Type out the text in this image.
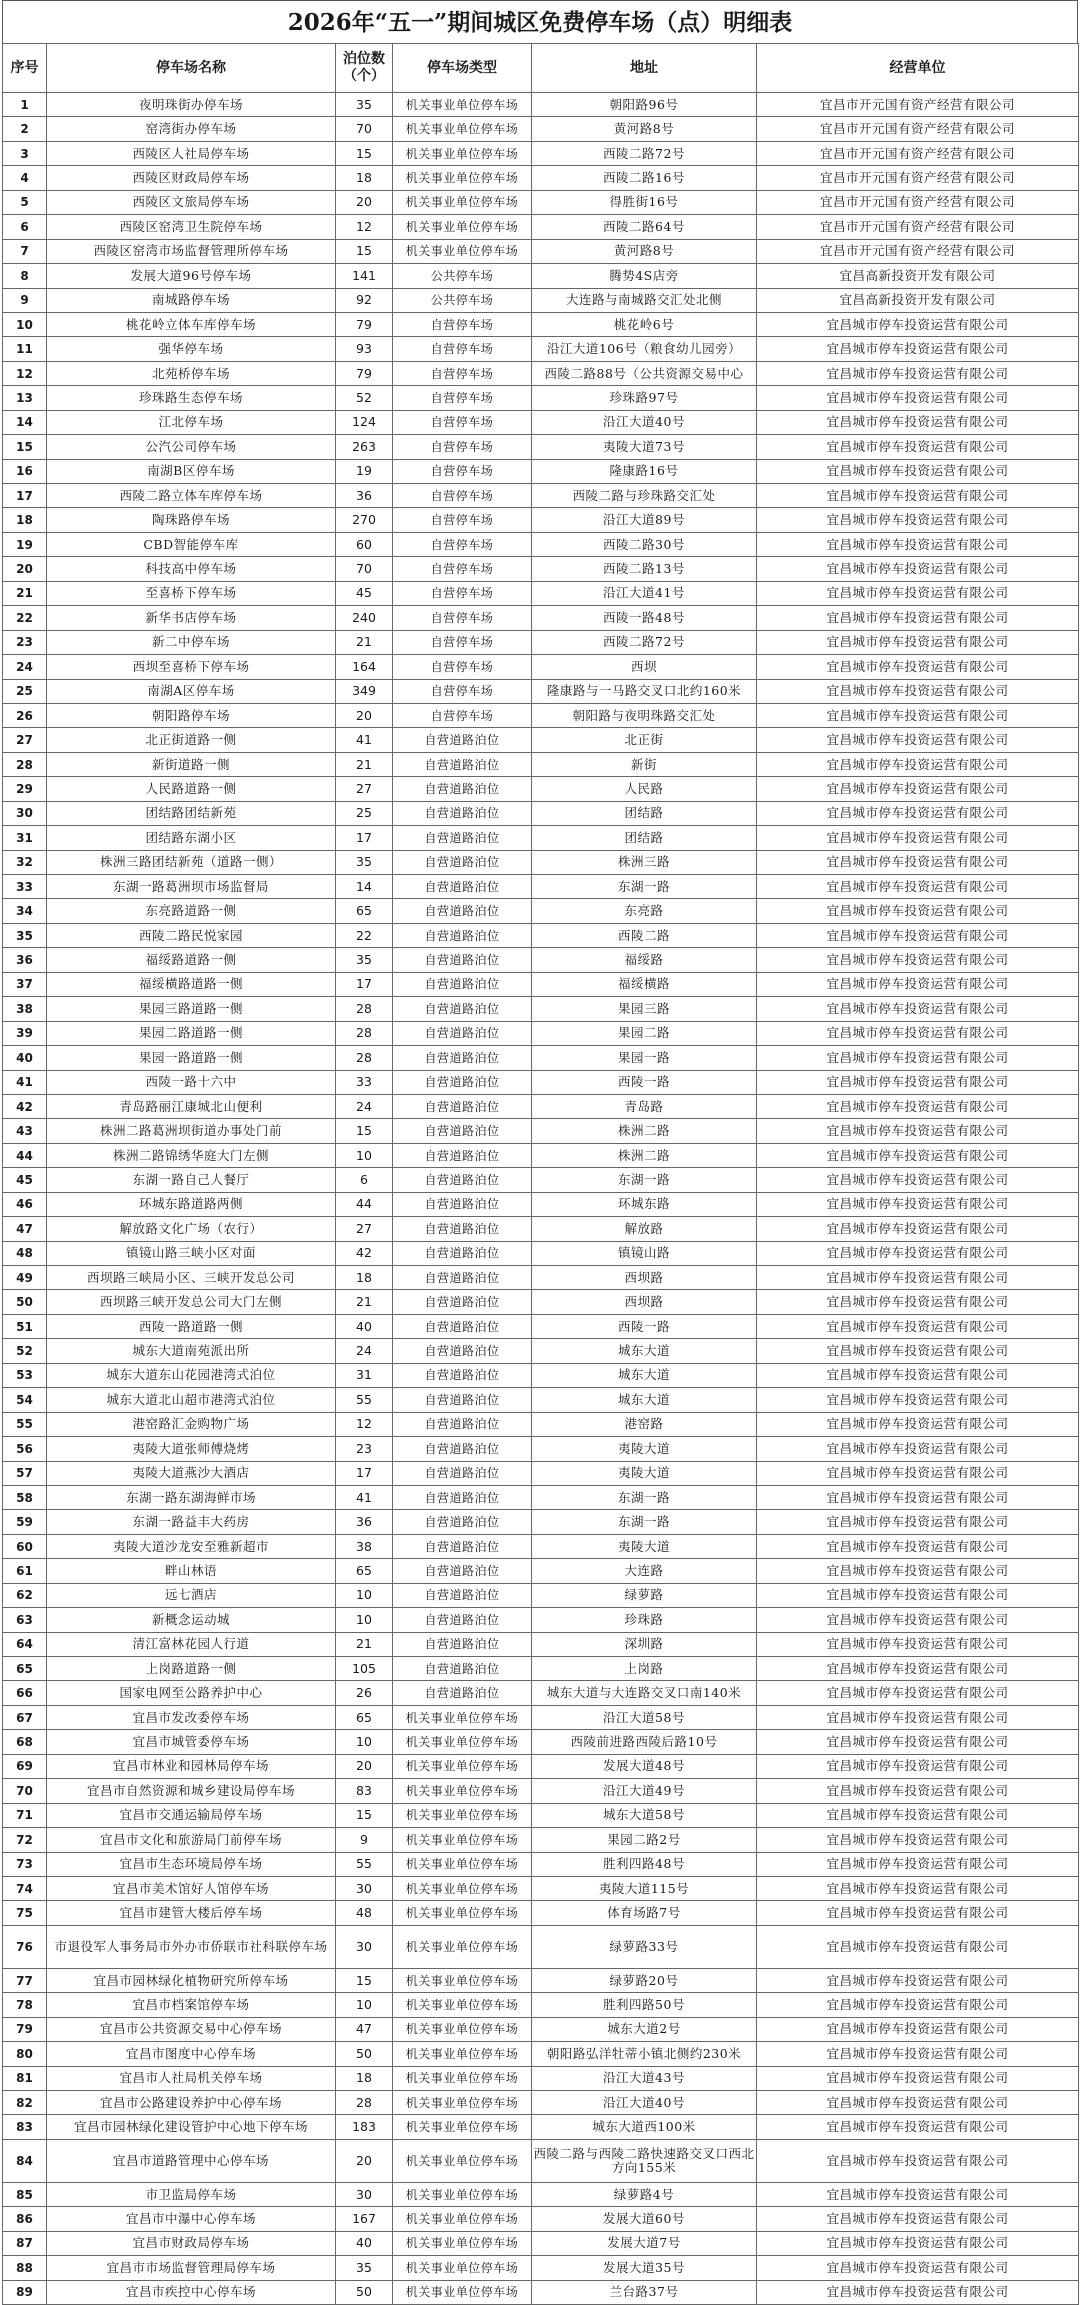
2026年“五一”期间城区免费停车场（点）明细表
序号	停车场名称	泊位数（个）	停车场类型	地址	经营单位
1	夜明珠街办停车场	35	机关事业单位停车场	朝阳路96号	宜昌市开元国有资产经营有限公司
2	窑湾街办停车场	70	机关事业单位停车场	黄河路8号	宜昌市开元国有资产经营有限公司
3	西陵区人社局停车场	15	机关事业单位停车场	西陵二路72号	宜昌市开元国有资产经营有限公司
4	西陵区财政局停车场	18	机关事业单位停车场	西陵二路16号	宜昌市开元国有资产经营有限公司
5	西陵区文旅局停车场	20	机关事业单位停车场	得胜街16号	宜昌市开元国有资产经营有限公司
6	西陵区窑湾卫生院停车场	12	机关事业单位停车场	西陵二路64号	宜昌市开元国有资产经营有限公司
7	西陵区窑湾市场监督管理所停车场	15	机关事业单位停车场	黄河路8号	宜昌市开元国有资产经营有限公司
8	发展大道96号停车场	141	公共停车场	腾势4S店旁	宜昌高新投资开发有限公司
9	南城路停车场	92	公共停车场	大连路与南城路交汇处北侧	宜昌高新投资开发有限公司
10	桃花岭立体车库停车场	79	自营停车场	桃花岭6号	宜昌城市停车投资运营有限公司
11	强华停车场	93	自营停车场	沿江大道106号（粮食幼儿园旁）	宜昌城市停车投资运营有限公司
12	北苑桥停车场	79	自营停车场	西陵二路88号（公共资源交易中心	宜昌城市停车投资运营有限公司
13	珍珠路生态停车场	52	自营停车场	珍珠路97号	宜昌城市停车投资运营有限公司
14	江北停车场	124	自营停车场	沿江大道40号	宜昌城市停车投资运营有限公司
15	公汽公司停车场	263	自营停车场	夷陵大道73号	宜昌城市停车投资运营有限公司
16	南湖B区停车场	19	自营停车场	隆康路16号	宜昌城市停车投资运营有限公司
17	西陵二路立体车库停车场	36	自营停车场	西陵二路与珍珠路交汇处	宜昌城市停车投资运营有限公司
18	陶珠路停车场	270	自营停车场	沿江大道89号	宜昌城市停车投资运营有限公司
19	CBD智能停车库	60	自营停车场	西陵二路30号	宜昌城市停车投资运营有限公司
20	科技高中停车场	70	自营停车场	西陵二路13号	宜昌城市停车投资运营有限公司
21	至喜桥下停车场	45	自营停车场	沿江大道41号	宜昌城市停车投资运营有限公司
22	新华书店停车场	240	自营停车场	西陵一路48号	宜昌城市停车投资运营有限公司
23	新二中停车场	21	自营停车场	西陵二路72号	宜昌城市停车投资运营有限公司
24	西坝至喜桥下停车场	164	自营停车场	西坝	宜昌城市停车投资运营有限公司
25	南湖A区停车场	349	自营停车场	隆康路与一马路交叉口北约160米	宜昌城市停车投资运营有限公司
26	朝阳路停车场	20	自营停车场	朝阳路与夜明珠路交汇处	宜昌城市停车投资运营有限公司
27	北正街道路一侧	41	自营道路泊位	北正街	宜昌城市停车投资运营有限公司
28	新街道路一侧	21	自营道路泊位	新街	宜昌城市停车投资运营有限公司
29	人民路道路一侧	27	自营道路泊位	人民路	宜昌城市停车投资运营有限公司
30	团结路团结新苑	25	自营道路泊位	团结路	宜昌城市停车投资运营有限公司
31	团结路东湖小区	17	自营道路泊位	团结路	宜昌城市停车投资运营有限公司
32	株洲三路团结新苑（道路一侧）	35	自营道路泊位	株洲三路	宜昌城市停车投资运营有限公司
33	东湖一路葛洲坝市场监督局	14	自营道路泊位	东湖一路	宜昌城市停车投资运营有限公司
34	东亮路道路一侧	65	自营道路泊位	东亮路	宜昌城市停车投资运营有限公司
35	西陵二路民悦家园	22	自营道路泊位	西陵二路	宜昌城市停车投资运营有限公司
36	福绥路道路一侧	35	自营道路泊位	福绥路	宜昌城市停车投资运营有限公司
37	福绥横路道路一侧	17	自营道路泊位	福绥横路	宜昌城市停车投资运营有限公司
38	果园三路道路一侧	28	自营道路泊位	果园三路	宜昌城市停车投资运营有限公司
39	果园二路道路一侧	28	自营道路泊位	果园二路	宜昌城市停车投资运营有限公司
40	果园一路道路一侧	28	自营道路泊位	果园一路	宜昌城市停车投资运营有限公司
41	西陵一路十六中	33	自营道路泊位	西陵一路	宜昌城市停车投资运营有限公司
42	青岛路丽江康城北山便利	24	自营道路泊位	青岛路	宜昌城市停车投资运营有限公司
43	株洲二路葛洲坝街道办事处门前	15	自营道路泊位	株洲二路	宜昌城市停车投资运营有限公司
44	株洲二路锦绣华庭大门左侧	10	自营道路泊位	株洲二路	宜昌城市停车投资运营有限公司
45	东湖一路自己人餐厅	6	自营道路泊位	东湖一路	宜昌城市停车投资运营有限公司
46	环城东路道路两侧	44	自营道路泊位	环城东路	宜昌城市停车投资运营有限公司
47	解放路文化广场（农行）	27	自营道路泊位	解放路	宜昌城市停车投资运营有限公司
48	镇镜山路三峡小区对面	42	自营道路泊位	镇镜山路	宜昌城市停车投资运营有限公司
49	西坝路三峡局小区、三峡开发总公司	18	自营道路泊位	西坝路	宜昌城市停车投资运营有限公司
50	西坝路三峡开发总公司大门左侧	21	自营道路泊位	西坝路	宜昌城市停车投资运营有限公司
51	西陵一路道路一侧	40	自营道路泊位	西陵一路	宜昌城市停车投资运营有限公司
52	城东大道南苑派出所	24	自营道路泊位	城东大道	宜昌城市停车投资运营有限公司
53	城东大道东山花园港湾式泊位	31	自营道路泊位	城东大道	宜昌城市停车投资运营有限公司
54	城东大道北山超市港湾式泊位	55	自营道路泊位	城东大道	宜昌城市停车投资运营有限公司
55	港窑路汇金购物广场	12	自营道路泊位	港窑路	宜昌城市停车投资运营有限公司
56	夷陵大道张师傅烧烤	23	自营道路泊位	夷陵大道	宜昌城市停车投资运营有限公司
57	夷陵大道燕沙大酒店	17	自营道路泊位	夷陵大道	宜昌城市停车投资运营有限公司
58	东湖一路东湖海鲜市场	41	自营道路泊位	东湖一路	宜昌城市停车投资运营有限公司
59	东湖一路益丰大药房	36	自营道路泊位	东湖一路	宜昌城市停车投资运营有限公司
60	夷陵大道沙龙安至雅新超市	38	自营道路泊位	夷陵大道	宜昌城市停车投资运营有限公司
61	畔山林语	65	自营道路泊位	大连路	宜昌城市停车投资运营有限公司
62	远七酒店	10	自营道路泊位	绿萝路	宜昌城市停车投资运营有限公司
63	新概念运动城	10	自营道路泊位	珍珠路	宜昌城市停车投资运营有限公司
64	清江富林花园人行道	21	自营道路泊位	深圳路	宜昌城市停车投资运营有限公司
65	上岗路道路一侧	105	自营道路泊位	上岗路	宜昌城市停车投资运营有限公司
66	国家电网至公路养护中心	26	自营道路泊位	城东大道与大连路交叉口南140米	宜昌城市停车投资运营有限公司
67	宜昌市发改委停车场	65	机关事业单位停车场	沿江大道58号	宜昌城市停车投资运营有限公司
68	宜昌市城管委停车场	10	机关事业单位停车场	西陵前进路西陵后路10号	宜昌城市停车投资运营有限公司
69	宜昌市林业和园林局停车场	20	机关事业单位停车场	发展大道48号	宜昌城市停车投资运营有限公司
70	宜昌市自然资源和城乡建设局停车场	83	机关事业单位停车场	沿江大道49号	宜昌城市停车投资运营有限公司
71	宜昌市交通运输局停车场	15	机关事业单位停车场	城东大道58号	宜昌城市停车投资运营有限公司
72	宜昌市文化和旅游局门前停车场	9	机关事业单位停车场	果园二路2号	宜昌城市停车投资运营有限公司
73	宜昌市生态环境局停车场	55	机关事业单位停车场	胜利四路48号	宜昌城市停车投资运营有限公司
74	宜昌市美术馆好人馆停车场	30	机关事业单位停车场	夷陵大道115号	宜昌城市停车投资运营有限公司
75	宜昌市建管大楼后停车场	48	机关事业单位停车场	体育场路7号	宜昌城市停车投资运营有限公司
76	市退役军人事务局市外办市侨联市社科联停车场	30	机关事业单位停车场	绿萝路33号	宜昌城市停车投资运营有限公司
77	宜昌市园林绿化植物研究所停车场	15	机关事业单位停车场	绿萝路20号	宜昌城市停车投资运营有限公司
78	宜昌市档案馆停车场	10	机关事业单位停车场	胜利四路50号	宜昌城市停车投资运营有限公司
79	宜昌市公共资源交易中心停车场	47	机关事业单位停车场	城东大道2号	宜昌城市停车投资运营有限公司
80	宜昌市图度中心停车场	50	机关事业单位停车场	朝阳路弘洋牡蒂小镇北侧约230米	宜昌城市停车投资运营有限公司
81	宜昌市人社局机关停车场	18	机关事业单位停车场	沿江大道43号	宜昌城市停车投资运营有限公司
82	宜昌市公路建设养护中心停车场	28	机关事业单位停车场	沿江大道40号	宜昌城市停车投资运营有限公司
83	宜昌市园林绿化建设管护中心地下停车场	183	机关事业单位停车场	城东大道西100米	宜昌城市停车投资运营有限公司
84	宜昌市道路管理中心停车场	20	机关事业单位停车场	西陵二路与西陵二路快速路交叉口西北方向155米	宜昌城市停车投资运营有限公司
85	市卫监局停车场	30	机关事业单位停车场	绿萝路4号	宜昌城市停车投资运营有限公司
86	宜昌市中瀑中心停车场	167	机关事业单位停车场	发展大道60号	宜昌城市停车投资运营有限公司
87	宜昌市财政局停车场	40	机关事业单位停车场	发展大道7号	宜昌城市停车投资运营有限公司
88	宜昌市市场监督管理局停车场	35	机关事业单位停车场	发展大道35号	宜昌城市停车投资运营有限公司
89	宜昌市疾控中心停车场	50	机关事业单位停车场	兰台路37号	宜昌城市停车投资运营有限公司
